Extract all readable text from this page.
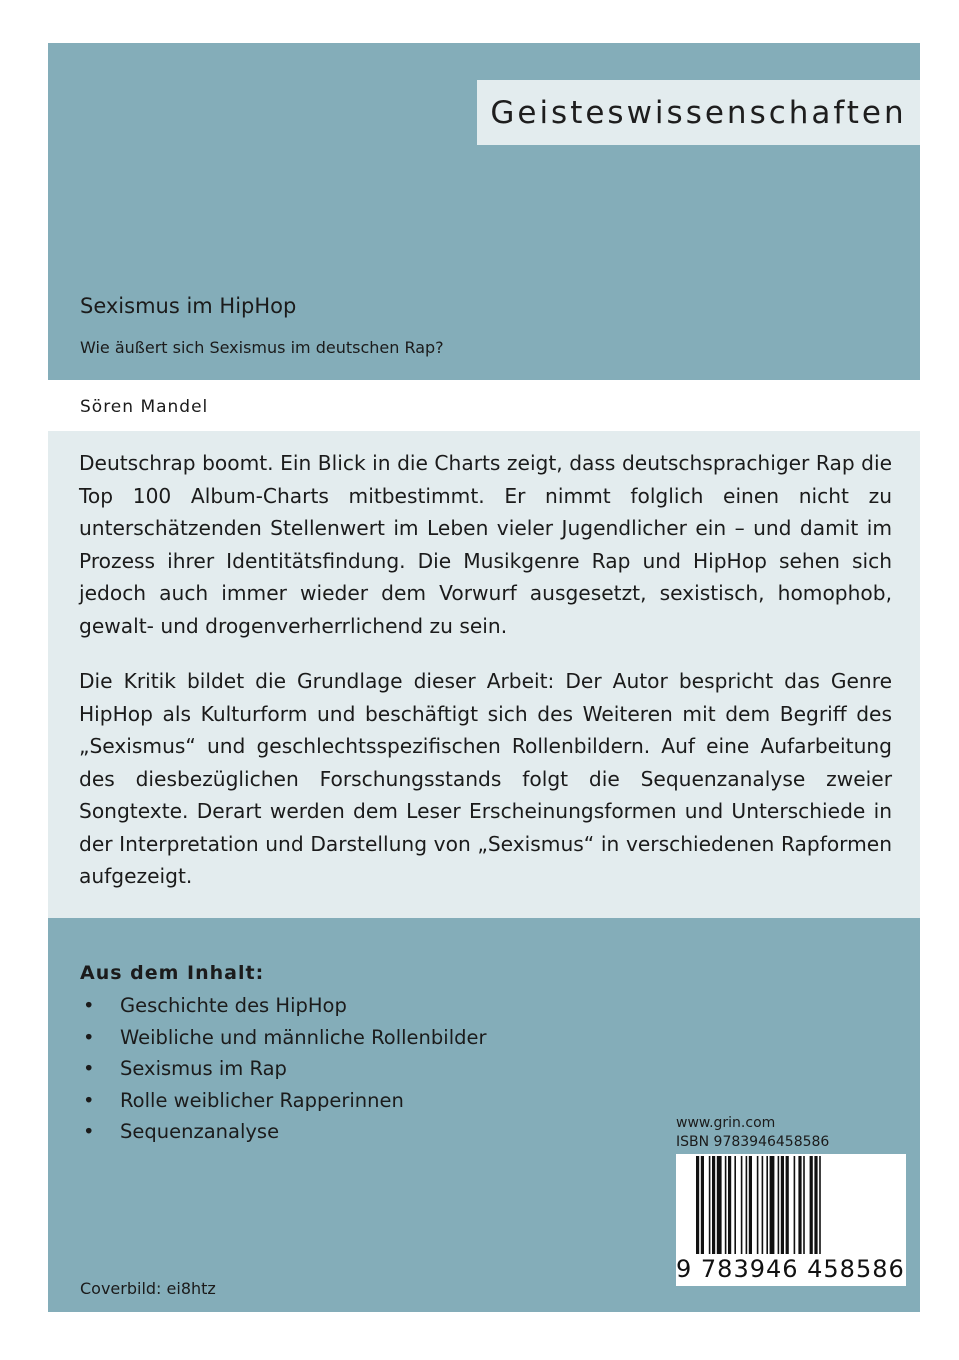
Geisteswissenschaften
Sexismus im HipHop
Wie äußert sich Sexismus im deutschen Rap?
Sören Mandel

Deutschrap boomt. Ein Blick in die Charts zeigt, dass deutschsprachiger Rap die Top 100 Album-Charts mitbestimmt. Er nimmt folglich einen nicht zu unterschätzenden Stellenwert im Leben vieler Jugendlicher ein – und damit im Prozess ihrer Identitätsfindung. Die Musikgenre Rap und HipHop sehen sich jedoch auch immer wieder dem Vorwurf ausgesetzt, sexistisch, homophob, gewalt- und drogenverherrlichend zu sein.

Die Kritik bildet die Grundlage dieser Arbeit: Der Autor bespricht das Genre HipHop als Kulturform und beschäftigt sich des Weiteren mit dem Begriff des „Sexismus“ und geschlechtsspezifischen Rollenbildern. Auf eine Aufarbeitung des diesbezüglichen Forschungsstands folgt die Sequenzanalyse zweier Songtexte. Derart werden dem Leser Erscheinungsformen und Unterschiede in der Interpretation und Darstellung von „Sexismus“ in verschiedenen Rapformen aufgezeigt.

Aus dem Inhalt:
• Geschichte des HipHop
• Weibliche und männliche Rollenbilder
• Sexismus im Rap
• Rolle weiblicher Rapperinnen
• Sequenzanalyse	www.grin.com
ISBN 9783946458586
9 783946 458586
Coverbild: ei8htz
